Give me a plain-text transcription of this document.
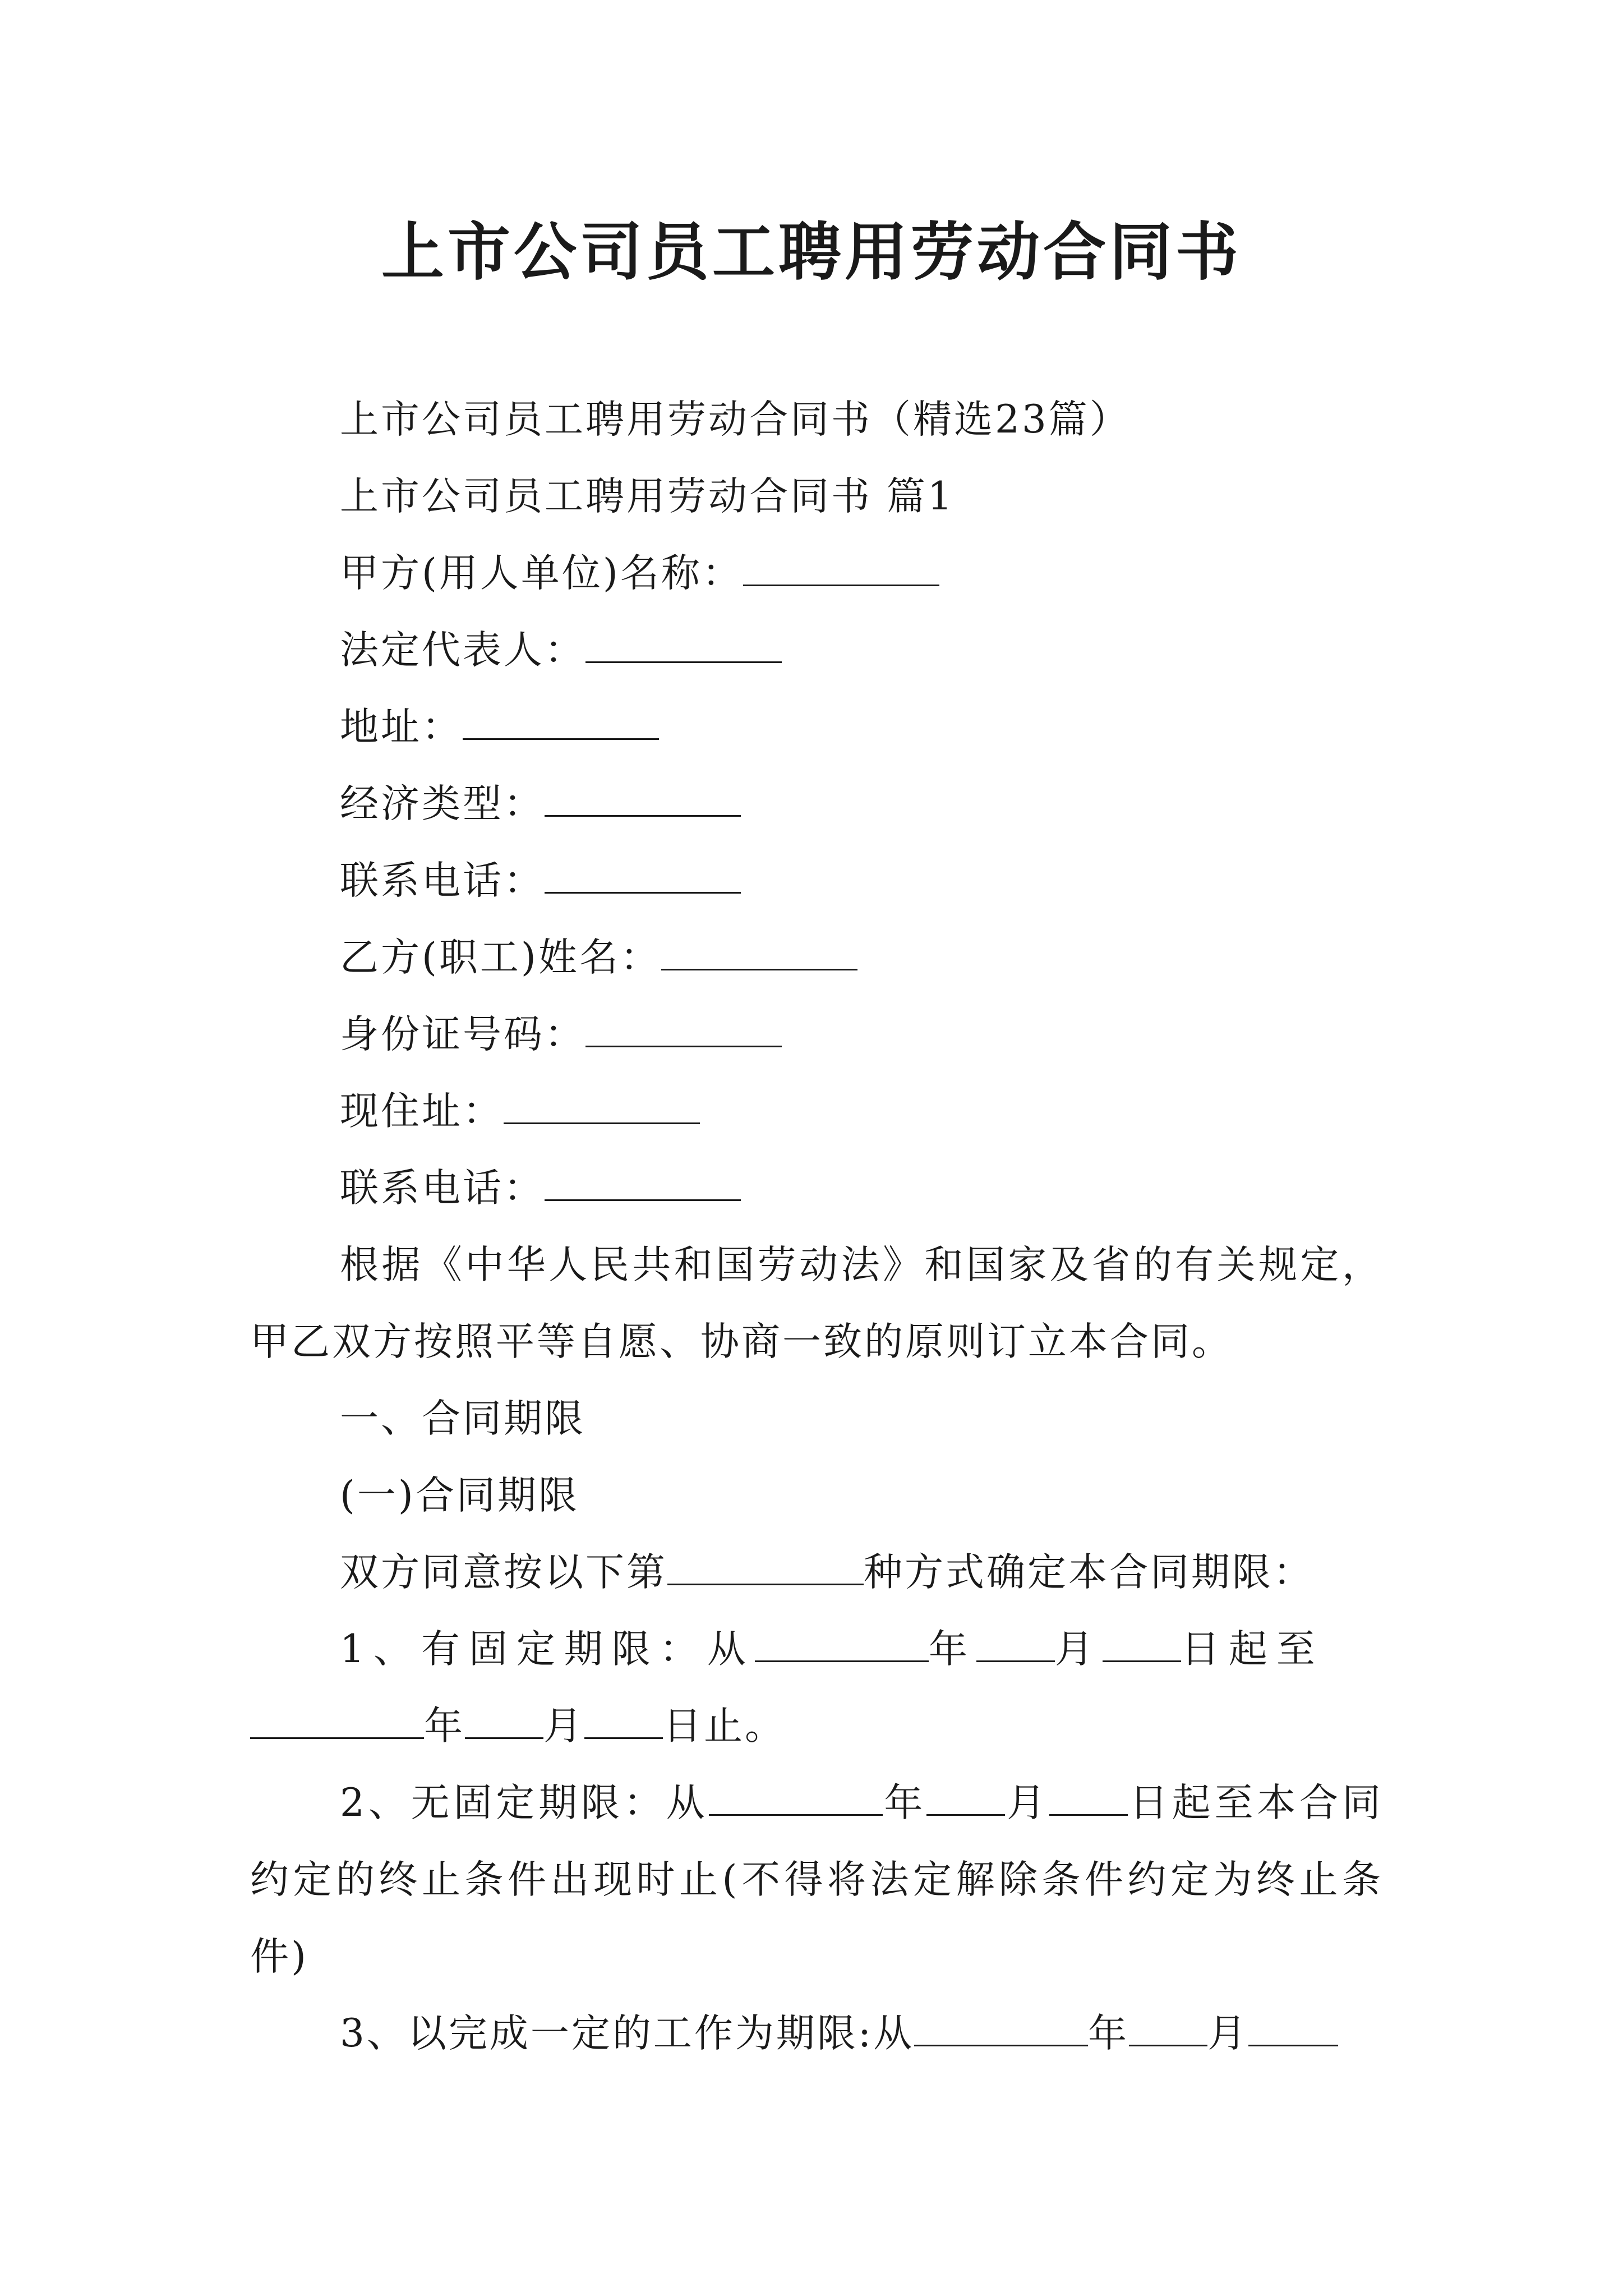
上市公司员工聘用劳动合同书

上市公司员工聘用劳动合同书（精选23篇）

上市公司员工聘用劳动合同书 篇1

甲方(用人单位)名称：

法定代表人：

地址：

经济类型：

联系电话：

乙方(职工)姓名：

身份证号码：

现住址：

联系电话：

根据《中华人民共和国劳动法》和国家及省的有关规定，甲乙双方按照平等自愿、协商一致的原则订立本合同。

一、合同期限

(一)合同期限

双方同意按以下第	种方式确定本合同期限：

1、有固定期限：从	年 月 日起至

年 月 日止。

2、无固定期限：从	年 月 日起至本合同约定的终止条件出现时止(不得将法定解除条件约定为终止条件)

3、以完成一定的工作为期限:从	年 月
